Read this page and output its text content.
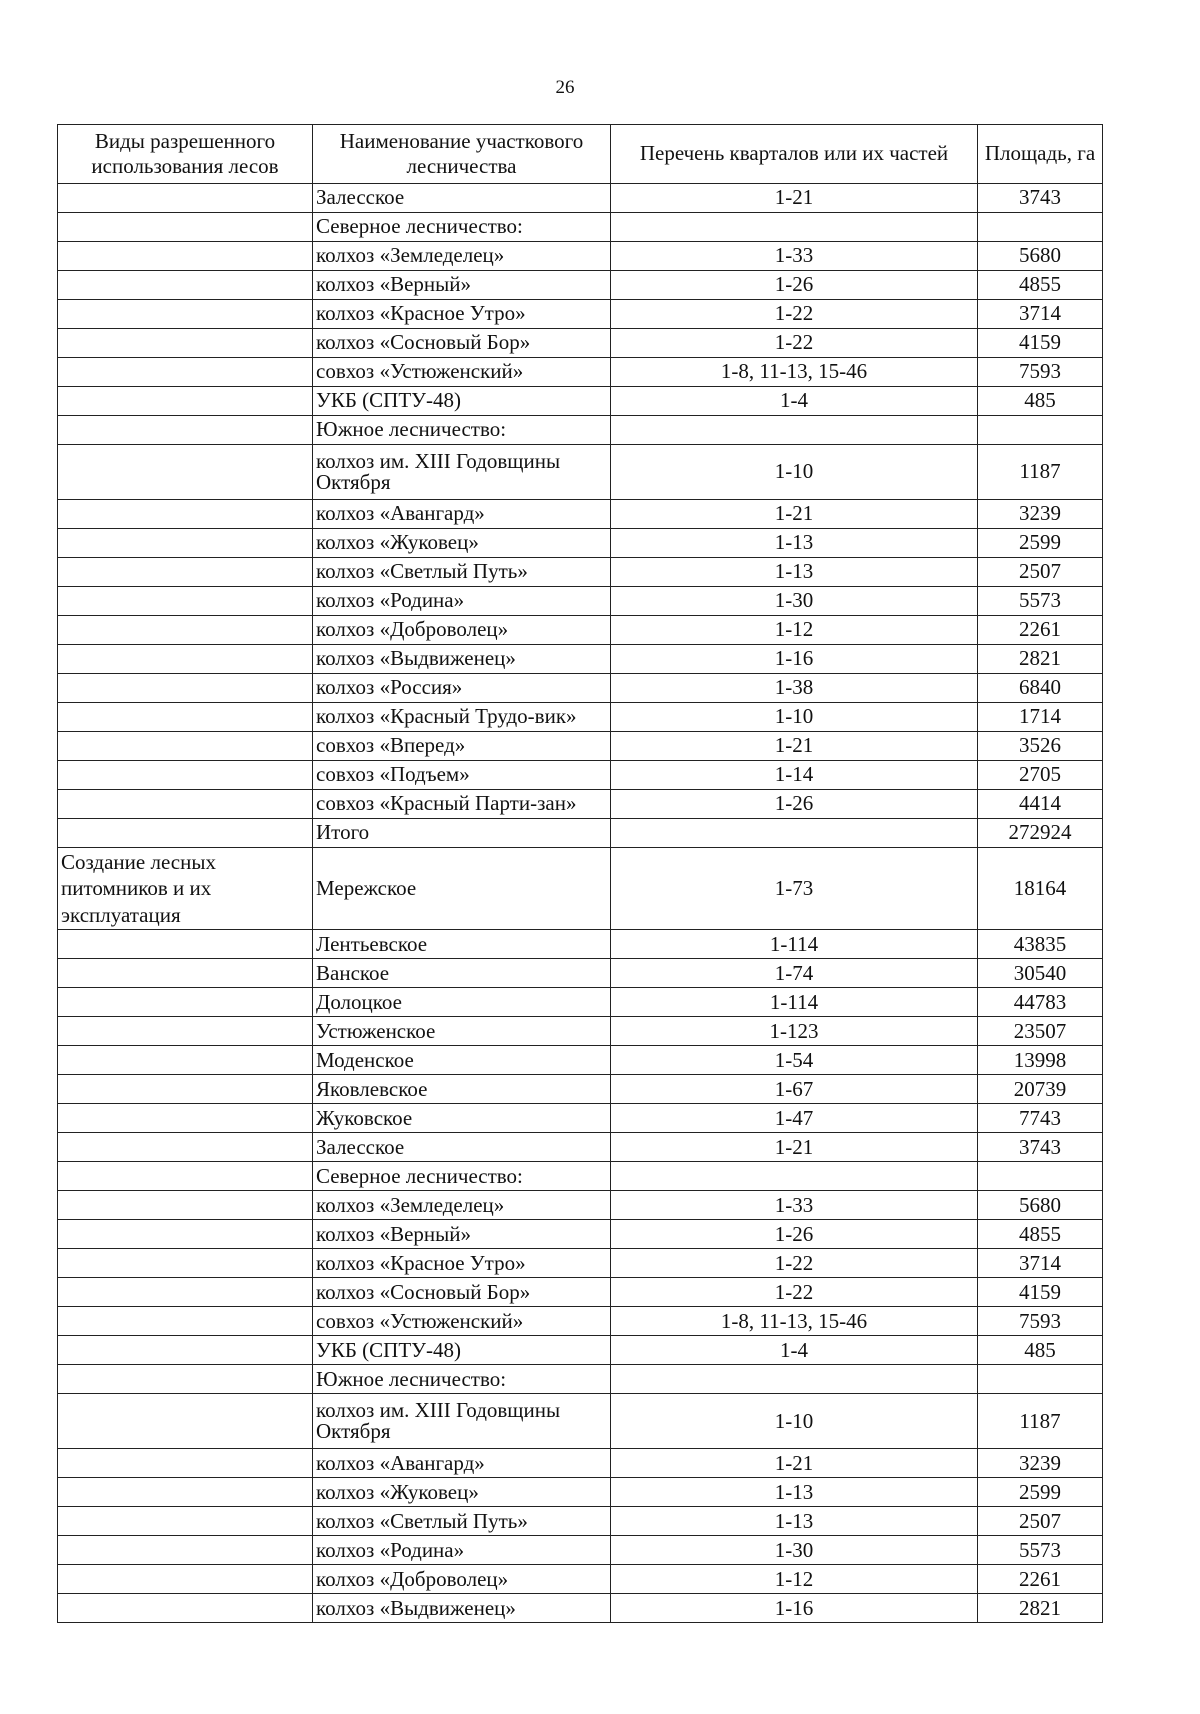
26
Виды разрешенного использования лесов	Наименование участкового лесничества	Перечень кварталов или их частей	Площадь, га
	Залесское	1-21	3743
	Северное лесничество:		
	колхоз «Земледелец»	1-33	5680
	колхоз «Верный»	1-26	4855
	колхоз «Красное Утро»	1-22	3714
	колхоз «Сосновый Бор»	1-22	4159
	совхоз «Устюженский»	1-8, 11-13, 15-46	7593
	УКБ (СПТУ-48)	1-4	485
	Южное лесничество:		
	колхоз им. XIII Годовщины Октября	1-10	1187
	колхоз «Авангард»	1-21	3239
	колхоз «Жуковец»	1-13	2599
	колхоз «Светлый Путь»	1-13	2507
	колхоз «Родина»	1-30	5573
	колхоз «Доброволец»	1-12	2261
	колхоз «Выдвиженец»	1-16	2821
	колхоз «Россия»	1-38	6840
	колхоз «Красный Трудо-вик»	1-10	1714
	совхоз «Вперед»	1-21	3526
	совхоз «Подъем»	1-14	2705
	совхоз «Красный Парти-зан»	1-26	4414
	Итого		272924
Создание лесных питомников и их эксплуатация	Мережское	1-73	18164
	Лентьевское	1-114	43835
	Ванское	1-74	30540
	Долоцкое	1-114	44783
	Устюженское	1-123	23507
	Моденское	1-54	13998
	Яковлевское	1-67	20739
	Жуковское	1-47	7743
	Залесское	1-21	3743
	Северное лесничество:		
	колхоз «Земледелец»	1-33	5680
	колхоз «Верный»	1-26	4855
	колхоз «Красное Утро»	1-22	3714
	колхоз «Сосновый Бор»	1-22	4159
	совхоз «Устюженский»	1-8, 11-13, 15-46	7593
	УКБ (СПТУ-48)	1-4	485
	Южное лесничество:		
	колхоз им. XIII Годовщины Октября	1-10	1187
	колхоз «Авангард»	1-21	3239
	колхоз «Жуковец»	1-13	2599
	колхоз «Светлый Путь»	1-13	2507
	колхоз «Родина»	1-30	5573
	колхоз «Доброволец»	1-12	2261
	колхоз «Выдвиженец»	1-16	2821
